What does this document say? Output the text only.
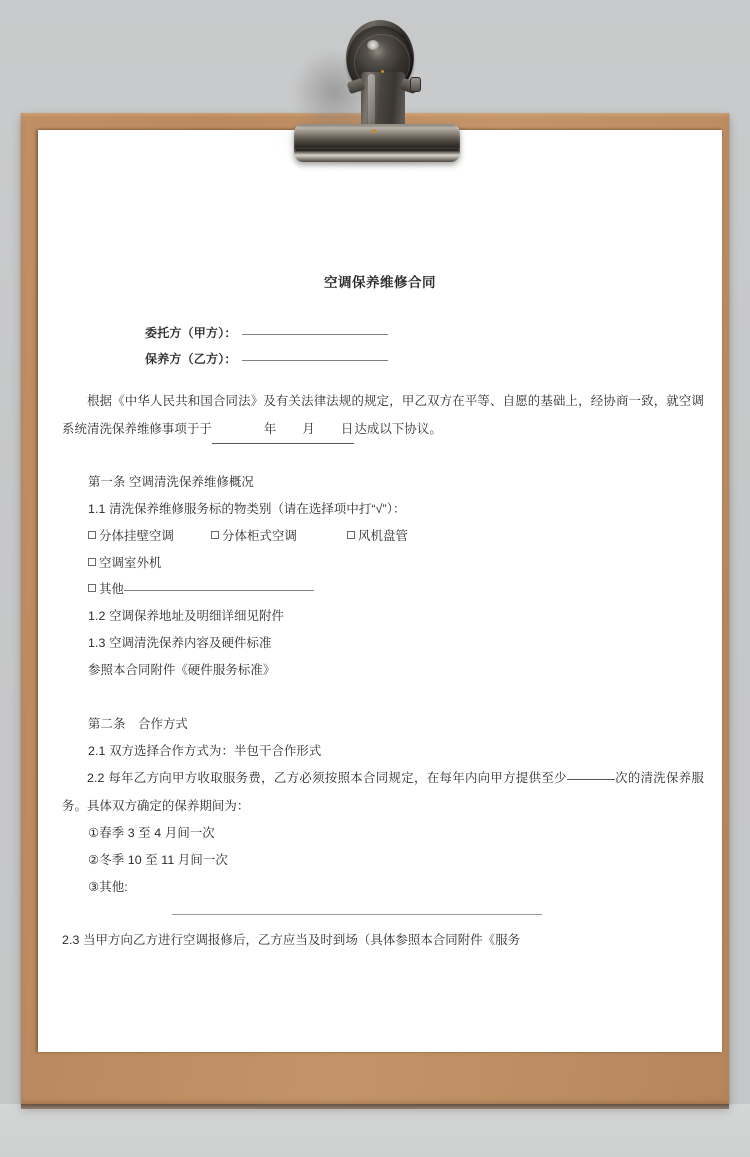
空调保养维修合同
委托方（甲方）：
保养方（乙方）：
根据《中华人民共和国合同法》及有关法律法规的规定，甲乙双方在平等、自愿的基础上，经协商一致，就空调系统清洗保养维修事项于于	年 月 日达成以下协议。
第一条 空调清洗保养维修概况
1.1 清洗保养维修服务标的物类别（请在选择项中打“√”）：
分体挂壁空调	分体柜式空调	风机盘管
空调室外机
其他
1.2 空调保养地址及明细详细见附件
1.3 空调清洗保养内容及硬件标准
参照本合同附件《硬件服务标准》
第二条　合作方式
2.1 双方选择合作方式为：半包干合作形式
2.2 每年乙方向甲方收取服务费，乙方必须按照本合同规定，在每年内向甲方提供至少	次的清洗保养服务。具体双方确定的保养期间为：
①春季 3 至 4 月间一次
②冬季 10 至 11 月间一次
③其他:
2.3 当甲方向乙方进行空调报修后，乙方应当及时到场（具体参照本合同附件《服务
